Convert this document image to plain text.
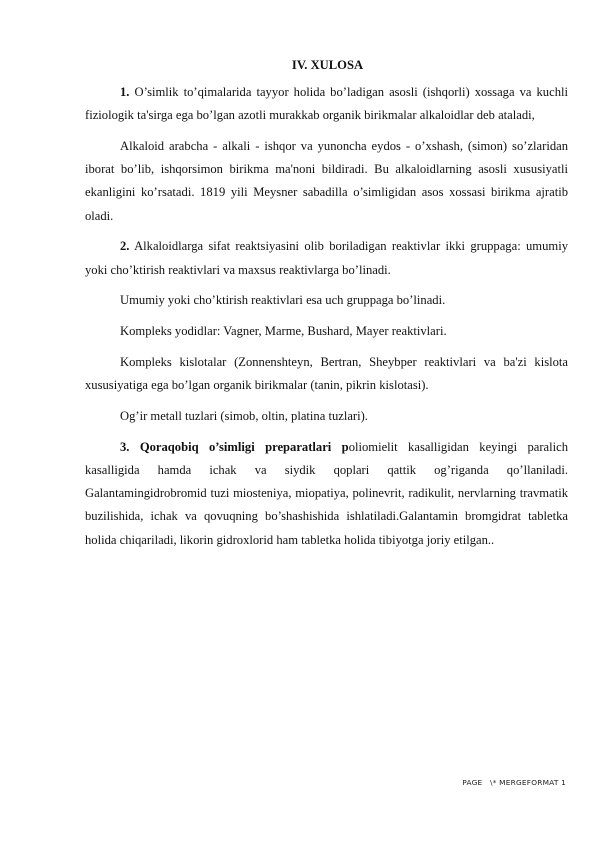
IV. XULOSA

1. O’simlik to’qimalarida tayyor holida bo’ladigan asosli (ishqorli) xossaga va kuchli fiziologik ta'sirga ega bo’lgan azotli murakkab organik birikmalar alkaloidlar deb ataladi,

Alkaloid arabcha - alkali - ishqor va yunoncha eydos - o’xshash, (simon) so’zlaridan iborat bo’lib, ishqorsimon birikma ma'noni bildiradi. Bu alkaloidlarning asosli xususiyatli ekanligini ko’rsatadi. 1819 yili Meysner sabadilla o’simligidan asos xossasi birikma ajratib oladi.

2. Alkaloidlarga sifat reaktsiyasini olib boriladigan reaktivlar ikki gruppaga: umumiy yoki cho’ktirish reaktivlari va maxsus reaktivlarga bo’linadi.

Umumiy yoki cho’ktirish reaktivlari esa uch gruppaga bo’linadi.

Kompleks yodidlar: Vagner, Marme, Bushard, Mayer reaktivlari.

Kompleks kislotalar (Zonnenshteyn, Bertran, Sheybper reaktivlari va ba'zi kislota xususiyatiga ega bo’lgan organik birikmalar (tanin, pikrin kislotasi).

Og’ir metall tuzlari (simob, oltin, platina tuzlari).

3. Qoraqobiq o’simligi preparatlari poliomielit kasalligidan keyingi paralich kasalligida hamda ichak va siydik qoplari qattik og’riganda qo’llaniladi. Galantamingidrobromid tuzi miosteniya, miopatiya, polinevrit, radikulit, nervlarning travmatik buzilishida, ichak va qovuqning bo’shashishida ishlatiladi.Galantamin bromgidrat tabletka holida chiqariladi, likorin gidroxlorid ham tabletka holida tibiyotga joriy etilgan..

PAGE   \* MERGEFORMAT 1
